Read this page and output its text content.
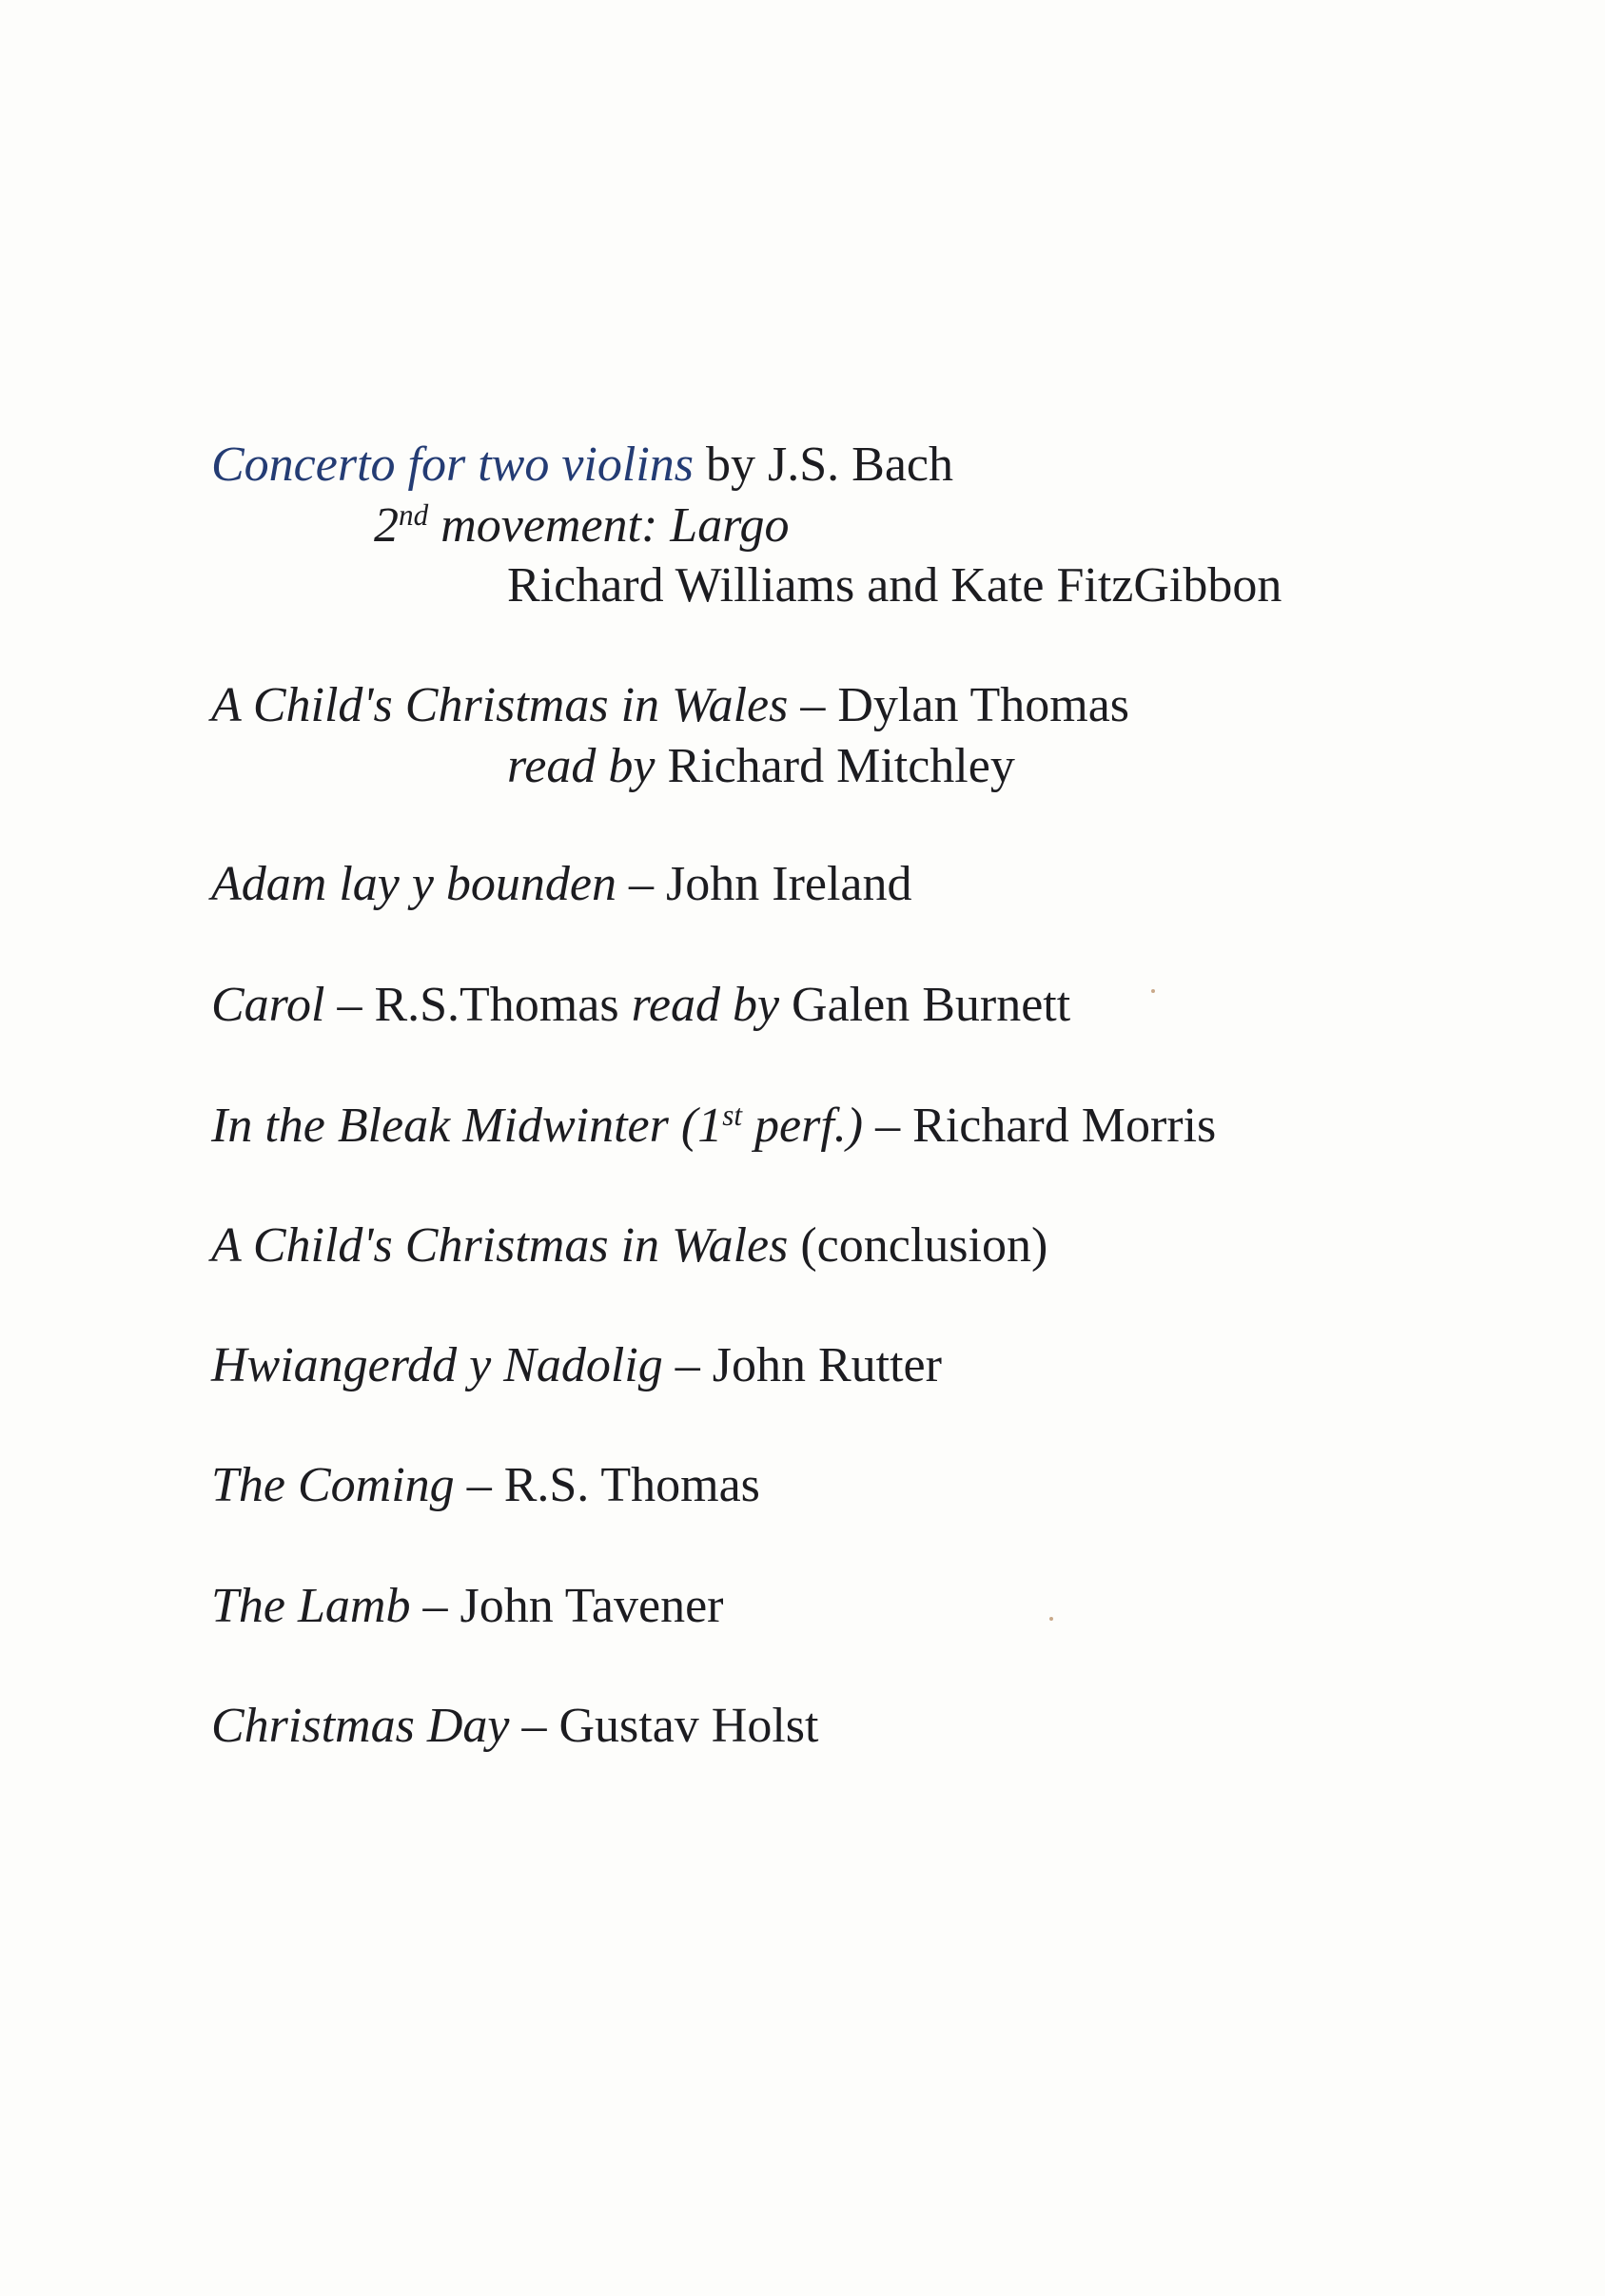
Concerto for two violins by J.S. Bach
2nd movement: Largo
Richard Williams and Kate FitzGibbon
A Child's Christmas in Wales – Dylan Thomas
read by Richard Mitchley
Adam lay y bounden – John Ireland
Carol – R.S.Thomas read by Galen Burnett
In the Bleak Midwinter (1st perf.) – Richard Morris
A Child's Christmas in Wales (conclusion)
Hwiangerdd y Nadolig – John Rutter
The Coming – R.S. Thomas
The Lamb – John Tavener
Christmas Day – Gustav Holst
